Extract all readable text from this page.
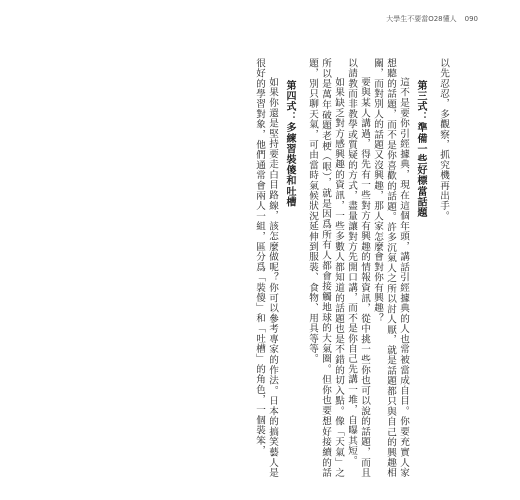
大學生不要當O28懂人 090

以先忍忍，多觀察，抓究機再出手。

第三式：準備一些好標當話題

這不是要你引經據典，現在這個年頭，講話引經據典的人也常被當成自目。你要充實人家想聽的話題，而不是你喜歡的話題。許多沉氣人之所以討人厭，就是話題都只與自己的興趣相關，而對別人的話題又沒興趣，那人家怎麼會對你有興趣？

要與某人講過，得先有一些對方有興趣的情報資訊，從中挑一些你也可以說的話題，而且以請教而非教學或質疑的方式，盡量讓對方先開口講，而不是你自己先講一堆，自曝其短。

如果缺乏對方感興趣的資訊，一些多數人都知道的話題也是不錯的切入點。像「天氣」之所以是萬年破題老梗（哏），就是因爲所有人都會接觸地球的大氣圈。但你也要想好接續的話題，別只聊天氣，可由當時氣候狀況延伸到服裝、食物、用具等等。

第四式：多練習裝傻和吐槽

如果你還是堅持要走白目路線，該怎麼做呢？你可以參考專家的作法。日本的搞笑藝人是很好的學習對象，他們通常會兩人一組，區分爲「裝傻」和「吐槽」的角色，一個裝笨，
